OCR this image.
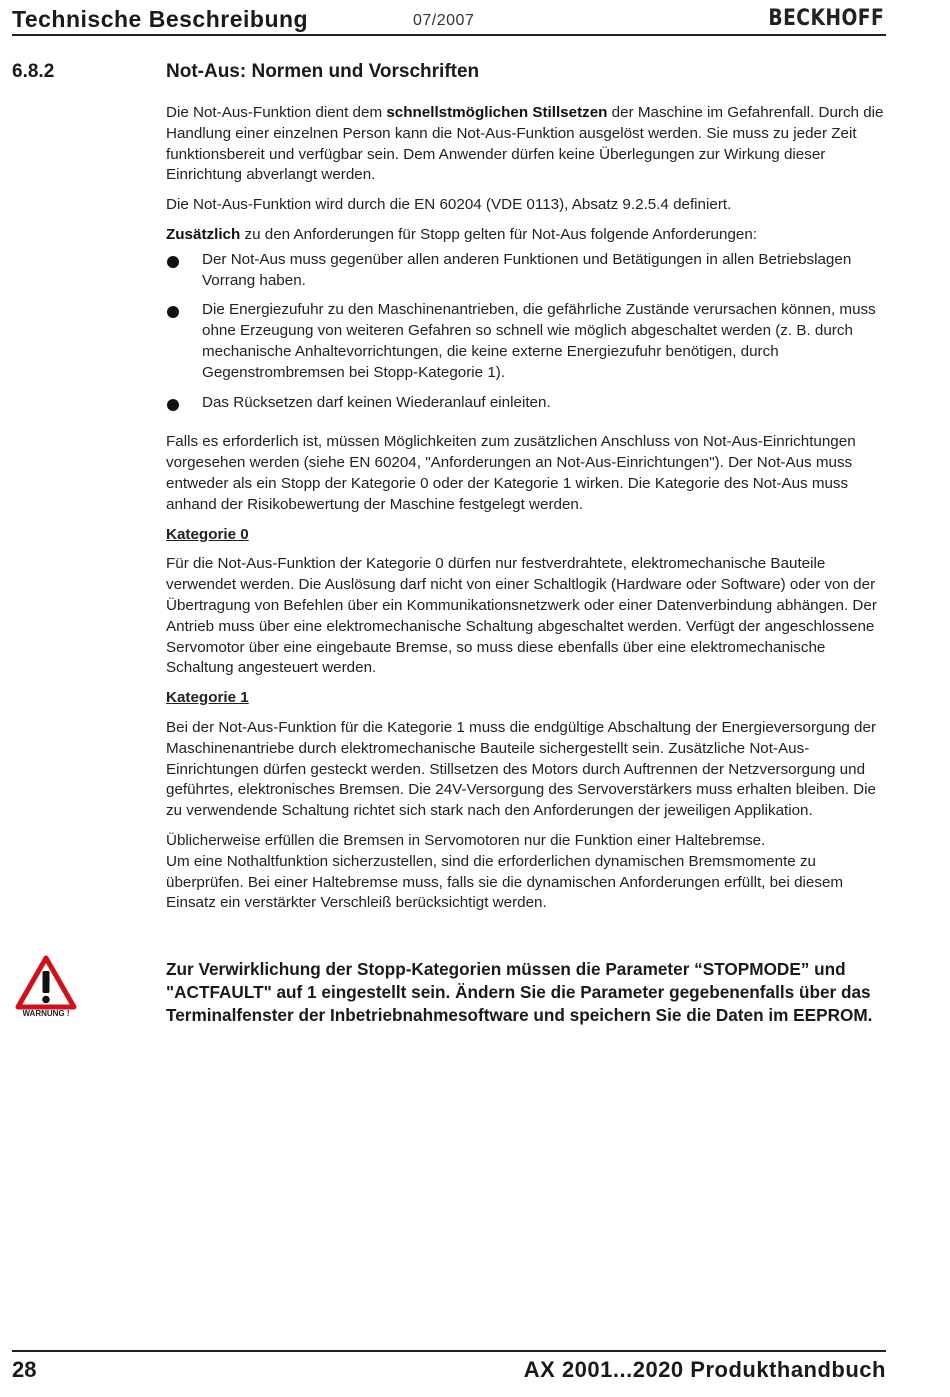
Technische Beschreibung	07/2007	BECKHOFF
6.8.2	Not-Aus: Normen und Vorschriften

Die Not-Aus-Funktion dient dem schnellstmöglichen Stillsetzen der Maschine im Gefahrenfall. Durch die Handlung einer einzelnen Person kann die Not-Aus-Funktion ausgelöst werden. Sie muss zu jeder Zeit funktionsbereit und verfügbar sein. Dem Anwender dürfen keine Überlegungen zur Wirkung dieser Einrichtung abverlangt werden.

Die Not-Aus-Funktion wird durch die EN 60204 (VDE 0113), Absatz 9.2.5.4 definiert.

Zusätzlich zu den Anforderungen für Stopp gelten für Not-Aus folgende Anforderungen:

Der Not-Aus muss gegenüber allen anderen Funktionen und Betätigungen in allen Betriebslagen Vorrang haben.
Die Energiezufuhr zu den Maschinenantrieben, die gefährliche Zustände verursachen können, muss ohne Erzeugung von weiteren Gefahren so schnell wie möglich abgeschaltet werden (z. B. durch mechanische Anhaltevorrichtungen, die keine externe Energiezufuhr benötigen, durch Gegenstrombremsen bei Stopp-Kategorie 1).
Das Rücksetzen darf keinen Wiederanlauf einleiten.

Falls es erforderlich ist, müssen Möglichkeiten zum zusätzlichen Anschluss von Not-Aus-Einrichtungen vorgesehen werden (siehe EN 60204, "Anforderungen an Not-Aus-Einrichtungen"). Der Not-Aus muss entweder als ein Stopp der Kategorie 0 oder der Kategorie 1 wirken. Die Kategorie des Not-Aus muss anhand der Risikobewertung der Maschine festgelegt werden.

Kategorie 0

Für die Not-Aus-Funktion der Kategorie 0 dürfen nur festverdrahtete, elektromechanische Bauteile verwendet werden. Die Auslösung darf nicht von einer Schaltlogik (Hardware oder Software) oder von der Übertragung von Befehlen über ein Kommunikationsnetzwerk oder einer Datenverbindung abhängen. Der Antrieb muss über eine elektromechanische Schaltung abgeschaltet werden. Verfügt der angeschlossene Servomotor über eine eingebaute Bremse, so muss diese ebenfalls über eine elektromechanische Schaltung angesteuert werden.

Kategorie 1

Bei der Not-Aus-Funktion für die Kategorie 1 muss die endgültige Abschaltung der Energieversorgung der Maschinenantriebe durch elektromechanische Bauteile sichergestellt sein. Zusätzliche Not-Aus-Einrichtungen dürfen gesteckt werden. Stillsetzen des Motors durch Auftrennen der Netzversorgung und geführtes, elektronisches Bremsen. Die 24V-Versorgung des Servoverstärkers muss erhalten bleiben. Die zu verwendende Schaltung richtet sich stark nach den Anforderungen der jeweiligen Applikation.

Üblicherweise erfüllen die Bremsen in Servomotoren nur die Funktion einer Haltebremse.
Um eine Nothaltfunktion sicherzustellen, sind die erforderlichen dynamischen Bremsmomente zu überprüfen. Bei einer Haltebremse muss, falls sie die dynamischen Anforderungen erfüllt, bei diesem Einsatz ein verstärkter Verschleiß berücksichtigt werden.

WARNUNG !
Zur Verwirklichung der Stopp-Kategorien müssen die Parameter “STOPMODE” und "ACTFAULT" auf 1 eingestellt sein. Ändern Sie die Parameter gegebenenfalls über das Terminalfenster der Inbetriebnahmesoftware und speichern Sie die Daten im EEPROM.
28	AX 2001...2020 Produkthandbuch
